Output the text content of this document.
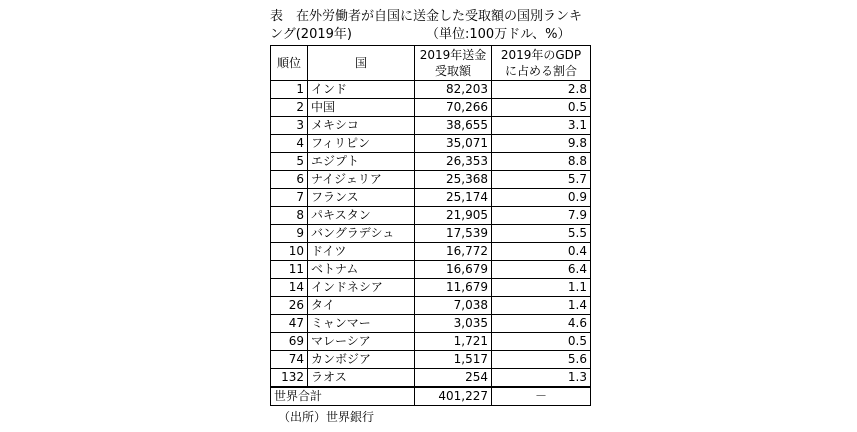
表　在外労働者が自国に送金した受取額の国別ランキ
ング(2019年)	（単位:100万ドル、%）
順位	国	2019年送金受取額	2019年のGDPに占める割合
1	インド	82,203	2.8
2	中国	70,266	0.5
3	メキシコ	38,655	3.1
4	フィリピン	35,071	9.8
5	エジプト	26,353	8.8
6	ナイジェリア	25,368	5.7
7	フランス	25,174	0.9
8	パキスタン	21,905	7.9
9	バングラデシュ	17,539	5.5
10	ドイツ	16,772	0.4
11	ベトナム	16,679	6.4
14	インドネシア	11,679	1.1
26	タイ	7,038	1.4
47	ミャンマー	3,035	4.6
69	マレーシア	1,721	0.5
74	カンボジア	1,517	5.6
132	ラオス	254	1.3
世界合計		401,227	－
（出所）世界銀行
